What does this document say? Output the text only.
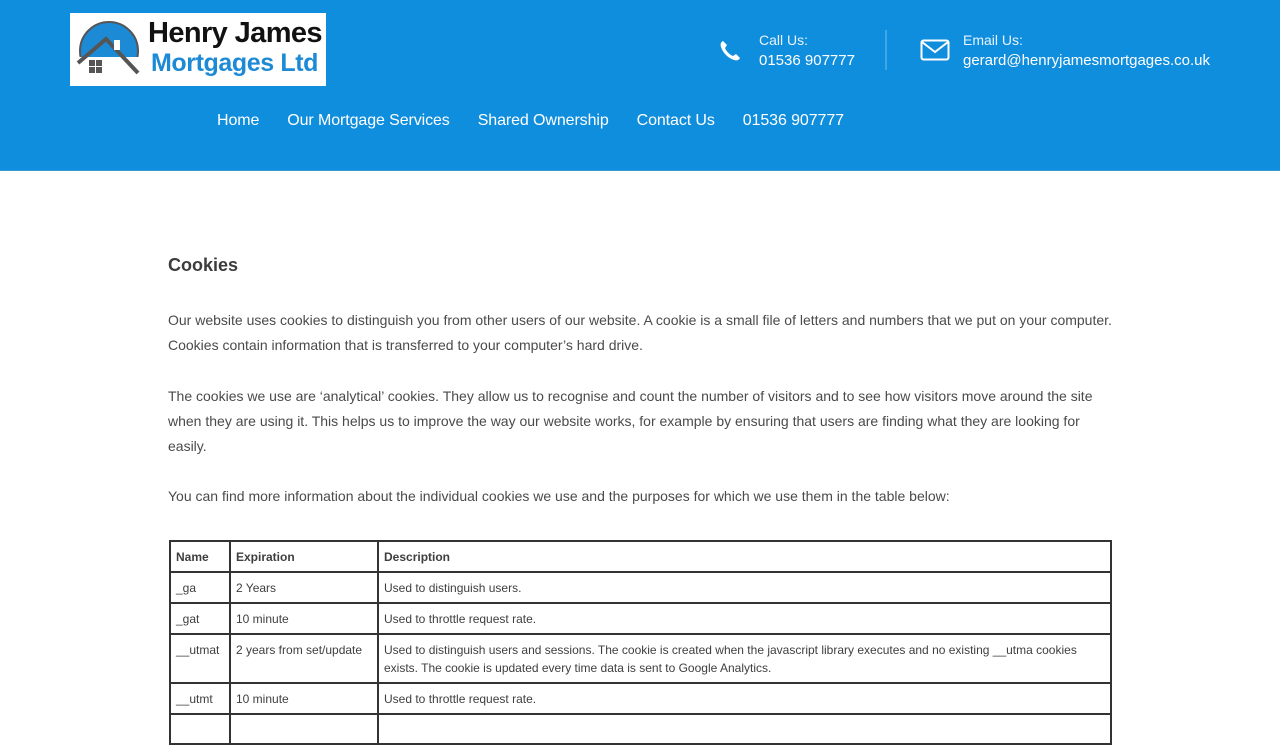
Henry James
Mortgages Ltd
Call Us:
01536 907777
Email Us:
gerard@henryjamesmortgages.co.uk
Home Our Mortgage Services Shared Ownership Contact Us 01536 907777
Cookies

Our website uses cookies to distinguish you from other users of our website. A cookie is a small file of letters and numbers that we put on your computer. Cookies contain information that is transferred to your computer’s hard drive.

The cookies we use are ‘analytical’ cookies. They allow us to recognise and count the number of visitors and to see how visitors move around the site when they are using it. This helps us to improve the way our website works, for example by ensuring that users are finding what they are looking for easily.

You can find more information about the individual cookies we use and the purposes for which we use them in the table below:

Name	Expiration	Description
_ga	2 Years	Used to distinguish users.
_gat	10 minute	Used to throttle request rate.
__utmat	2 years from set/update	Used to distinguish users and sessions. The cookie is created when the javascript library executes and no existing __utma cookies exists. The cookie is updated every time data is sent to Google Analytics.
__utmt	10 minute	Used to throttle request rate.
